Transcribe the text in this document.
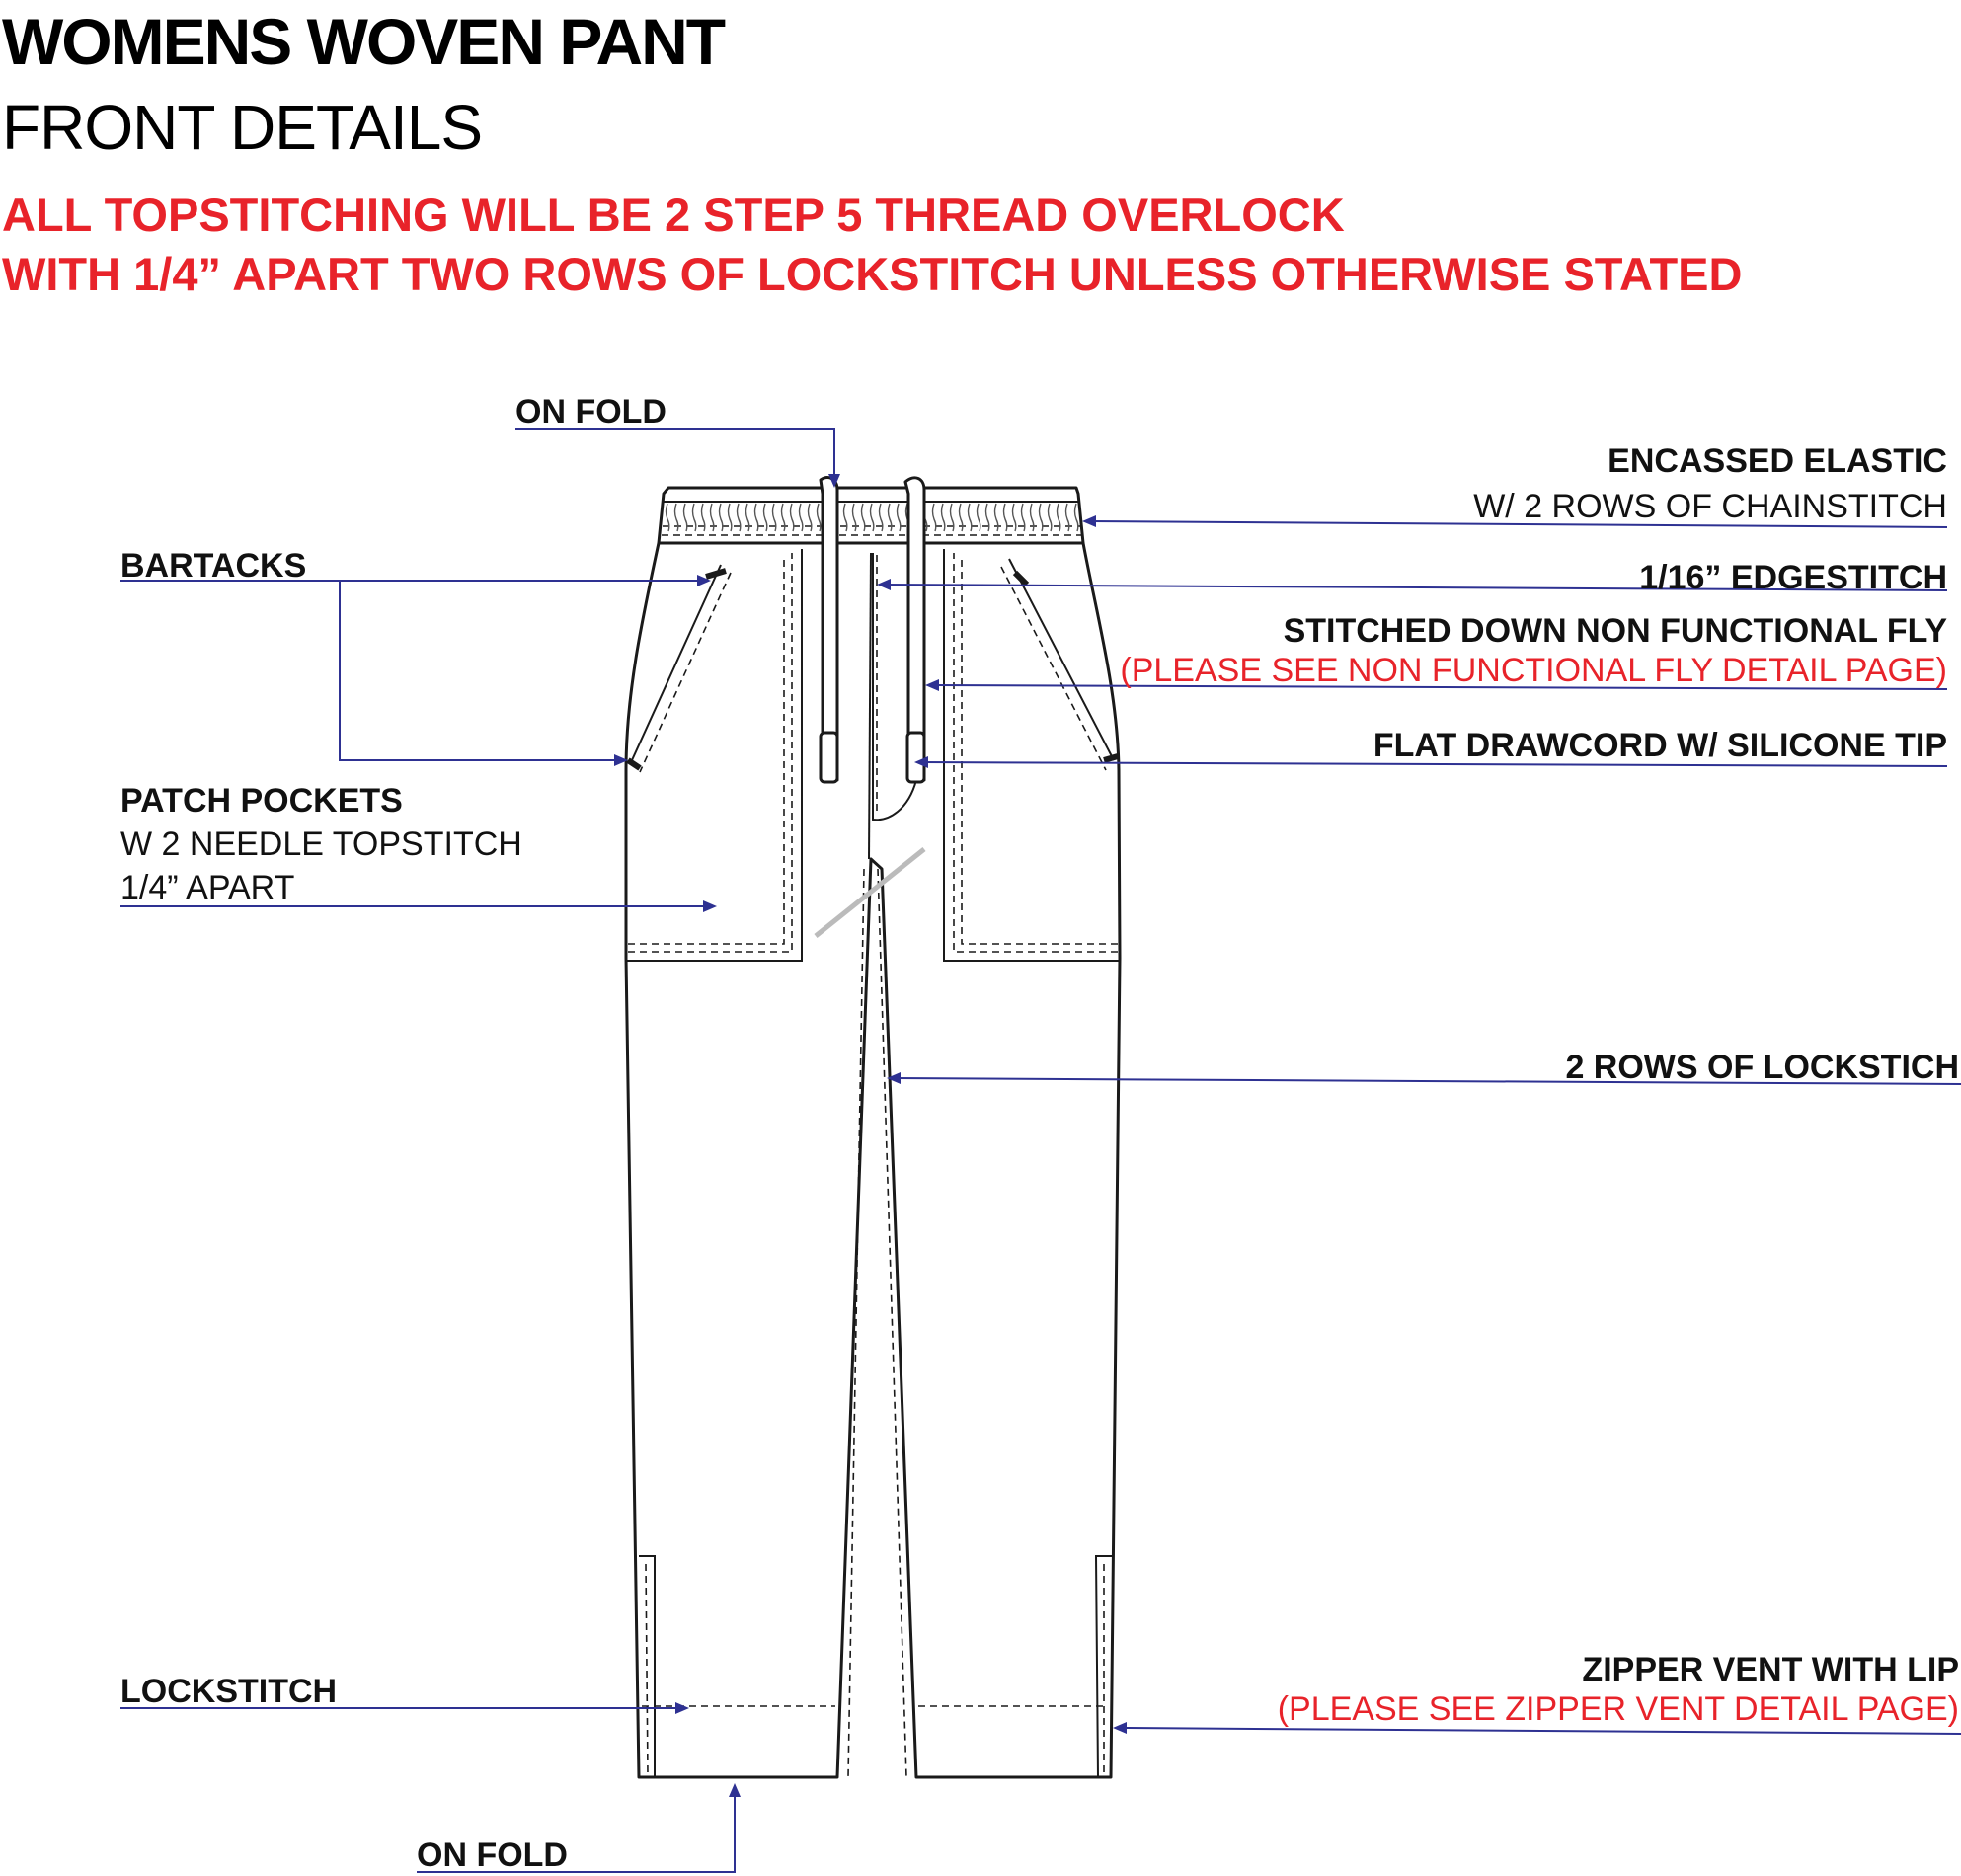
WOMENS WOVEN PANT
FRONT DETAILS
ALL TOPSTITCHING WILL BE 2 STEP 5 THREAD OVERLOCK
WITH 1/4” APART TWO ROWS OF LOCKSTITCH UNLESS OTHERWISE STATED
ON FOLD
ENCASSED ELASTIC
W/ 2 ROWS OF CHAINSTITCH
BARTACKS	1/16” EDGESTITCH
STITCHED DOWN NON FUNCTIONAL FLY
(PLEASE SEE NON FUNCTIONAL FLY DETAIL PAGE)
FLAT DRAWCORD W/ SILICONE TIP
PATCH POCKETS
W 2 NEEDLE TOPSTITCH
1/4” APART
2 ROWS OF LOCKSTICH
ZIPPER VENT WITH LIP
(PLEASE SEE ZIPPER VENT DETAIL PAGE)
LOCKSTITCH
ON FOLD
